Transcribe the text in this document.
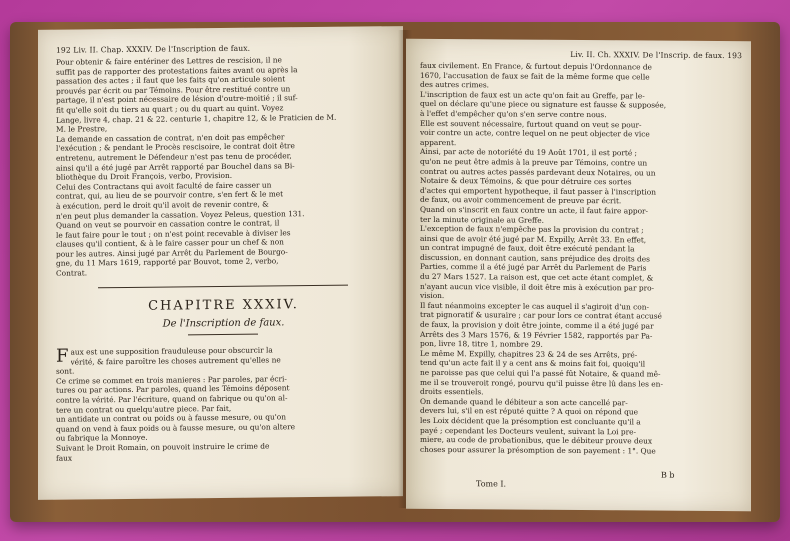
192 Liv. II. Chap. XXXIV. De l'Inscription de faux.
Pour obtenir & faire entériner des Lettres de rescision, il ne
suffit pas de rapporter des protestations faites avant ou après la
passation des actes ; il faut que les faits qu'on articule soient
prouvés par écrit ou par Témoins. Pour être restitué contre un
partage, il n'est point nécessaire de lésion d'outre-moitié ; il suf-
fit qu'elle soit du tiers au quart ; ou du quart au quint. Voyez
Lange, livre 4, chap. 21 & 22. centurie 1, chapitre 12, & le Praticien de M.
M. le Prestre,
La demande en cassation de contrat, n'en doit pas empêcher
l'exécution ; & pendant le Procès rescisoire, le contrat doit être
entretenu, autrement le Défendeur n'est pas tenu de procéder,
ainsi qu'il a été jugé par Arrêt rapporté par Bouchel dans sa Bi-
bliothèque du Droit François, verbo, Provision.
Celui des Contractans qui avoit faculté de faire casser un
contrat, qui, au lieu de se pourvoir contre, s'en fert & le met
à exécution, perd le droit qu'il avoit de revenir contre, &
n'en peut plus demander la cassation. Voyez Peleus, question 131.
Quand on veut se pourvoir en cassation contre le contrat, il
le faut faire pour le tout ; on n'est point recevable à diviser les
clauses qu'il contient, & à le faire casser pour un chef & non
pour les autres. Ainsi jugé par Arrêt du Parlement de Bourgo-
gne, du 11 Mars 1619, rapporté par Bouvot, tome 2, verbo,
Contrat.
CHAPITRE XXXIV.
De l'Inscription de faux.
F aux est une supposition frauduleuse pour obscurcir la
vérité, & faire paroître les choses autrement qu'elles ne
sont.
Ce crime se commet en trois manieres : Par paroles, par écri-
tures ou par actions. Par paroles, quand les Témoins déposent
contre la vérité. Par l'écriture, quand on fabrique ou qu'on al-
tere un contrat ou quelqu'autre piece. Par fait,
un antidate un contrat ou poids ou à fausse mesure, ou qu'on
quand on vend à faux poids ou à fausse mesure, ou qu'on altere
ou fabrique la Monnoye.
Suivant le Droit Romain, on pouvoit instruire le crime de
faux
Liv. II. Ch. XXXIV. De l'Inscrip. de faux. 193
faux civilement. En France, & furtout depuis l'Ordonnance de
1670, l'accusation de faux se fait de la même forme que celle
des autres crimes.
L'inscription de faux est un acte qu'on fait au Greffe, par le-
quel on déclare qu'une piece ou signature est fausse & supposée,
à l'effet d'empêcher qu'on s'en serve contre nous.
Elle est souvent nécessaire, furtout quand on veut se pour-
voir contre un acte, contre lequel on ne peut objecter de vice
apparent.
Ainsi, par acte de notoriété du 19 Août 1701, il est porté ;
qu'on ne peut être admis à la preuve par Témoins, contre un
contrat ou autres actes passés pardevant deux Notaires, ou un
Notaire & deux Témoins, & que pour détruire ces sortes
d'actes qui emportent hypotheque, il faut passer à l'inscription
de faux, ou avoir commencement de preuve par écrit.
Quand on s'inscrit en faux contre un acte, il faut faire appor-
ter la minute originale au Greffe.
L'exception de faux n'empêche pas la provision du contrat ;
ainsi que de avoir été jugé par M. Expilly, Arrêt 33. En effet,
un contrat impugné de faux, doit être exécuté pendant la
discussion, en donnant caution, sans préjudice des droits des
Parties, comme il a été jugé par Arrêt du Parlement de Paris
du 27 Mars 1527. La raison est, que cet acte étant complet, &
n'ayant aucun vice visible, il doit être mis à exécution par pro-
vision.
Il faut néanmoins excepter le cas auquel il s'agiroit d'un con-
trat pignoratif & usuraire ; car pour lors ce contrat étant accusé
de faux, la provision y doit être jointe, comme il a été jugé par
Arrêts des 3 Mars 1576, & 19 Février 1582, rapportés par Pa-
pon, livre 18, titre 1, nombre 29.
Le même M. Expilly, chapitres 23 & 24 de ses Arrêts, pré-
tend qu'un acte fait il y a cent ans & moins fait foi, quoiqu'il
ne paroisse pas que celui qui l'a passé fût Notaire, & quand mê-
me il se trouveroit rongé, pourvu qu'il puisse être lû dans les en-
droits essentiels.
On demande quand le débiteur a son acte cancellé par-
devers lui, s'il en est réputé quitte ? A quoi on répond que
les Loix décident que la présomption est concluante qu'il a
payé ; cependant les Docteurs veulent, suivant la Loi pre-
miere, au code de probationibus, que le débiteur prouve deux
choses pour assurer la présomption de son payement : 1°. Que
Tome I.
B b
